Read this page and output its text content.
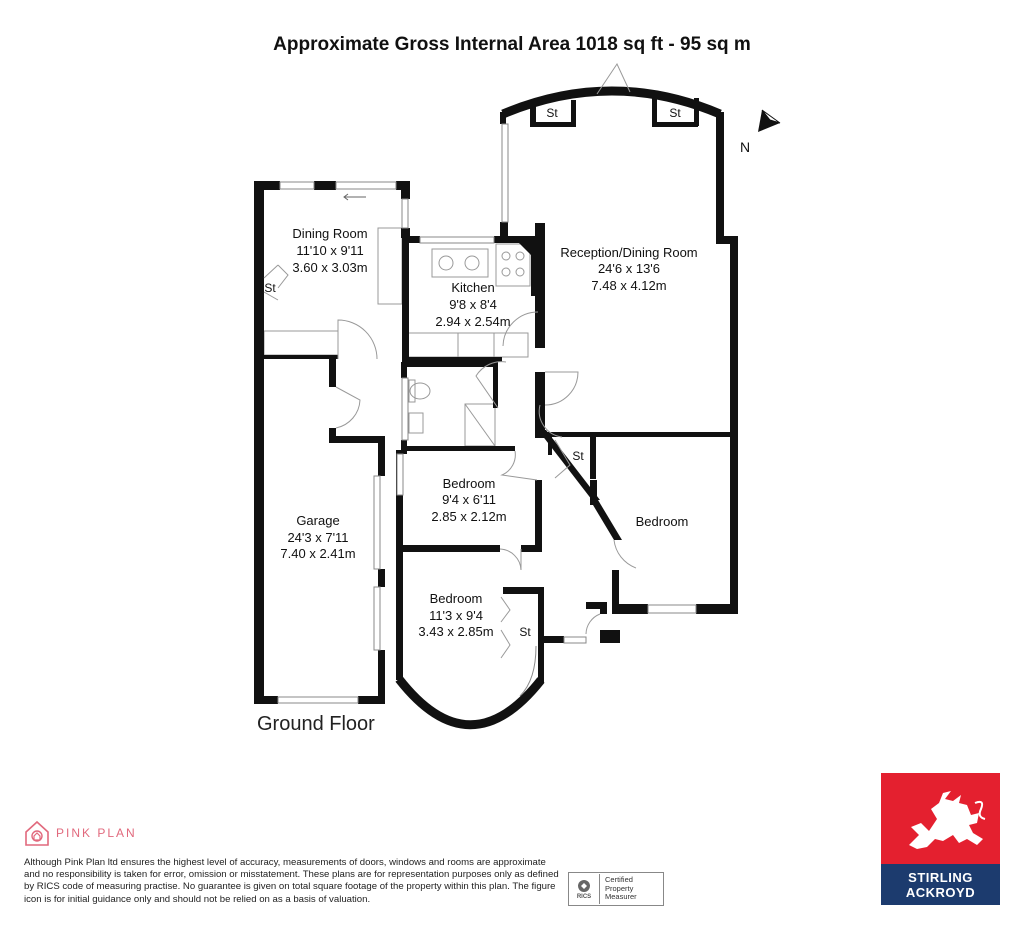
Approximate Gross Internal Area 1018 sq ft - 95 sq m
Dining Room
11'10 x 9'11
3.60 x 3.03m
Kitchen
9'8 x 8'4
2.94 x 2.54m
Reception/Dining Room
24'6 x 13'6
7.48 x 4.12m
Bedroom
9'4 x 6'11
2.85 x 2.12m	Bedroom
Bedroom
11'3 x 9'4
3.43 x 2.85m
Garage
24'3 x 7'11
7.40 x 2.41m
St	St
St
St
St
N
Ground Floor
PINK PLAN
Although Pink Plan ltd ensures the highest level of accuracy, measurements of doors, windows and rooms are approximate and no responsibility is taken for error, omission or misstatement. These plans are for representation purposes only as defined by RICS code of measuring practise. No guarantee is given on total square footage of the property within this plan. The figure icon is for initial guidance only and should not be relied on as a basis of valuation.	RICS
Certified
Property
Measurer
STIRLING
ACKROYD
